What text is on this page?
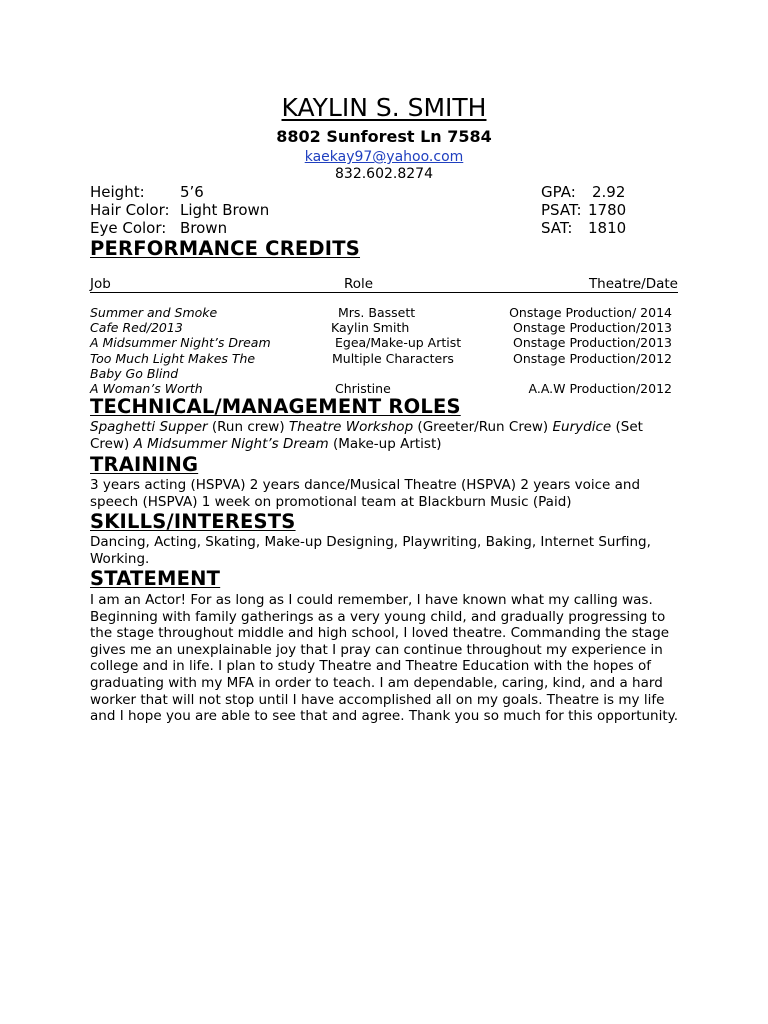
KAYLIN S. SMITH
8802 Sunforest Ln 7584
kaekay97@yahoo.com
832.602.8274
Height: 5’6
Hair Color: Light Brown
Eye Color: Brown
GPA: 2.92
PSAT: 1780
SAT: 1810
PERFORMANCE CREDITS
Job	Role	Theatre/Date
Summer and Smoke	Mrs. Bassett	Onstage Production/ 2014
Cafe Red/2013	Kaylin Smith	Onstage Production/2013
A Midsummer Night’s Dream	Egea/Make-up Artist	Onstage Production/2013
Too Much Light Makes The	Multiple Characters	Onstage Production/2012
Baby Go Blind
A Woman’s Worth	Christine	A.A.W Production/2012
TECHNICAL/MANAGEMENT ROLES
Spaghetti Supper (Run crew) Theatre Workshop (Greeter/Run Crew) Eurydice (Set Crew) A Midsummer Night’s Dream (Make-up Artist)
TRAINING
3 years acting (HSPVA) 2 years dance/Musical Theatre (HSPVA) 2 years voice and speech (HSPVA) 1 week on promotional team at Blackburn Music (Paid)
SKILLS/INTERESTS
Dancing, Acting, Skating, Make-up Designing, Playwriting, Baking, Internet Surfing, Working.
STATEMENT
I am an Actor! For as long as I could remember, I have known what my calling was. Beginning with family gatherings as a very young child, and gradually progressing to the stage throughout middle and high school, I loved theatre. Commanding the stage gives me an unexplainable joy that I pray can continue throughout my experience in college and in life. I plan to study Theatre and Theatre Education with the hopes of graduating with my MFA in order to teach. I am dependable, caring, kind, and a hard worker that will not stop until I have accomplished all on my goals. Theatre is my life and I hope you are able to see that and agree. Thank you so much for this opportunity.
